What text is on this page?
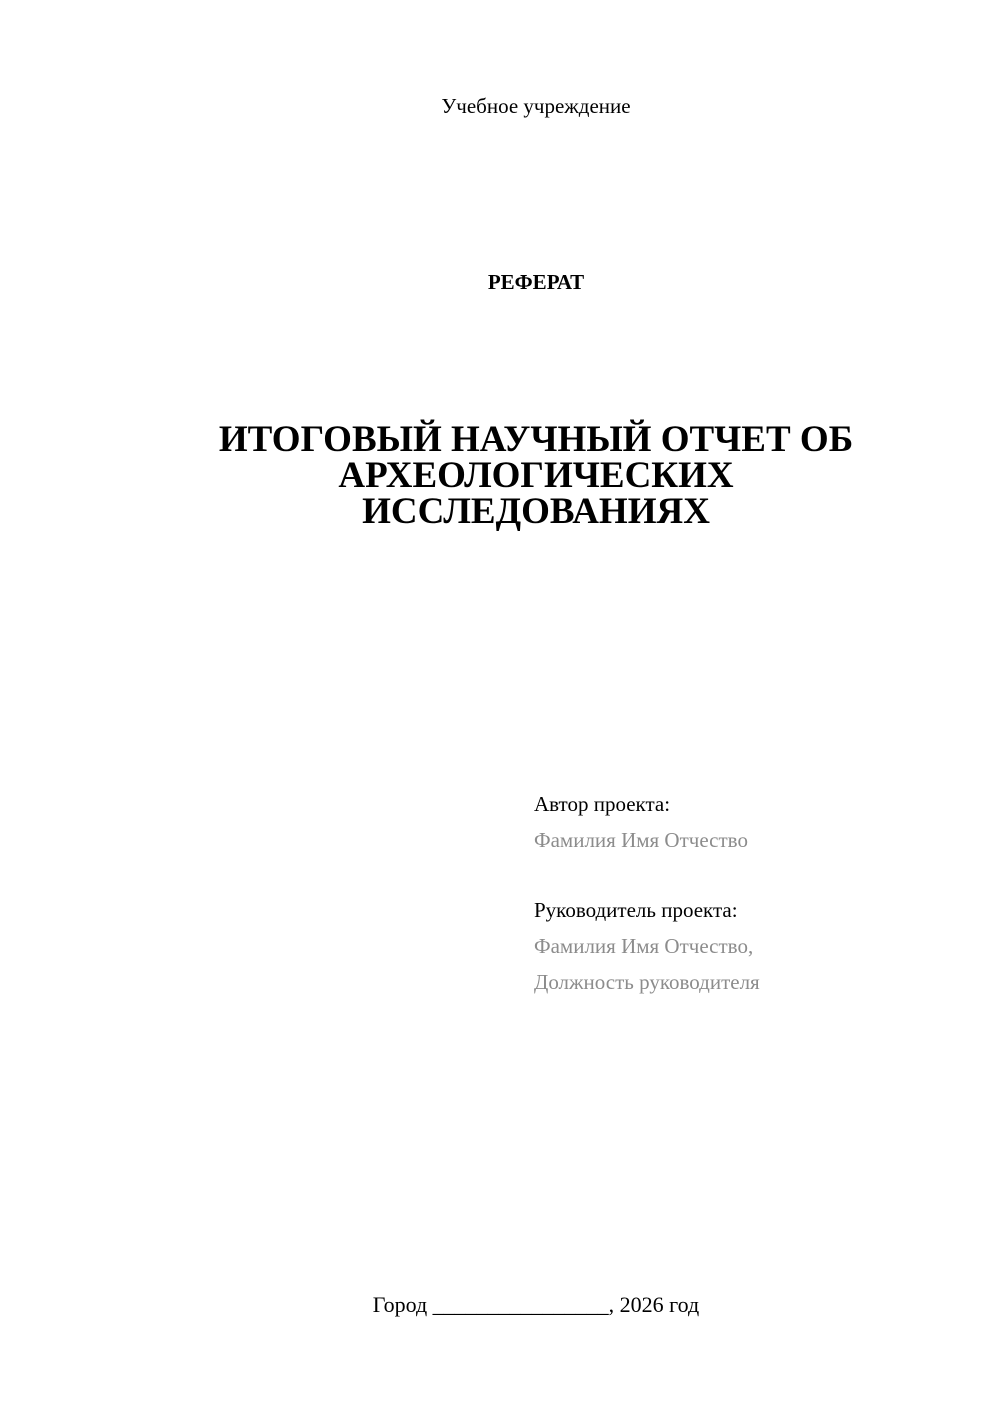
Учебное учреждение
РЕФЕРАТ
ИТОГОВЫЙ НАУЧНЫЙ ОТЧЕТ ОБ
АРХЕОЛОГИЧЕСКИХ
ИССЛЕДОВАНИЯХ
Автор проекта:
Фамилия Имя Отчество
Руководитель проекта:
Фамилия Имя Отчество,
Должность руководителя
Город ________________, 2026 год
